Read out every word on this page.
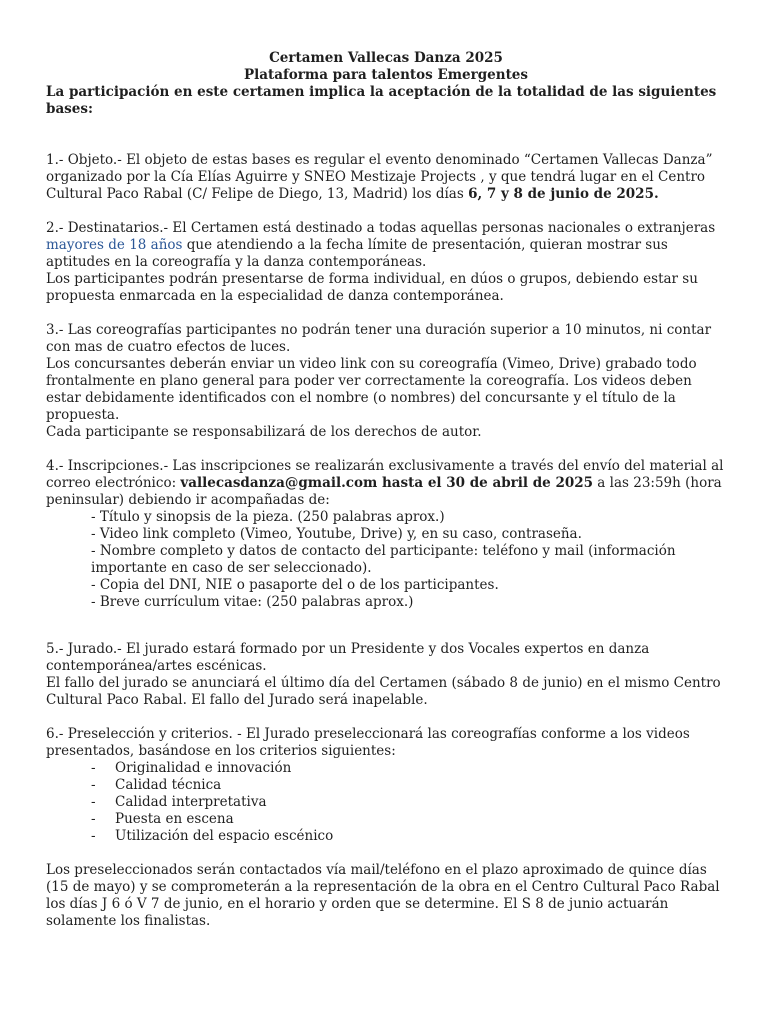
Certamen Vallecas Danza 2025

Plataforma para talentos Emergentes

La participación en este certamen implica la aceptación de la totalidad de las siguientes bases:

1.- Objeto.- El objeto de estas bases es regular el evento denominado “Certamen Vallecas Danza” organizado por la Cía Elías Aguirre y SNEO Mestizaje Projects , y que tendrá lugar en el Centro Cultural Paco Rabal (C/ Felipe de Diego, 13, Madrid) los días 6, 7 y 8 de junio de 2025.

2.- Destinatarios.- El Certamen está destinado a todas aquellas personas nacionales o extranjeras mayores de 18 años que atendiendo a la fecha límite de presentación, quieran mostrar sus aptitudes en la coreografía y la danza contemporáneas.

Los participantes podrán presentarse de forma individual, en dúos o grupos, debiendo estar su propuesta enmarcada en la especialidad de danza contemporánea.

3.- Las coreografías participantes no podrán tener una duración superior a 10 minutos, ni contar con mas de cuatro efectos de luces.

Los concursantes deberán enviar un video link con su coreografía (Vimeo, Drive) grabado todo frontalmente en plano general para poder ver correctamente la coreografía. Los videos deben estar debidamente identificados con el nombre (o nombres) del concursante y el título de la propuesta.

Cada participante se responsabilizará de los derechos de autor.

4.- Inscripciones.- Las inscripciones se realizarán exclusivamente a través del envío del material al correo electrónico: vallecasdanza@gmail.com hasta el 30 de abril de 2025 a las 23:59h (hora peninsular) debiendo ir acompañadas de:

- Título y sinopsis de la pieza. (250 palabras aprox.)
- Video link completo (Vimeo, Youtube, Drive) y, en su caso, contraseña.
- Nombre completo y datos de contacto del participante: teléfono y mail (información importante en caso de ser seleccionado).
- Copia del DNI, NIE o pasaporte del o de los participantes.
- Breve currículum vitae: (250 palabras aprox.)

5.- Jurado.- El jurado estará formado por un Presidente y dos Vocales expertos en danza contemporánea/artes escénicas.

El fallo del jurado se anunciará el último día del Certamen (sábado 8 de junio) en el mismo Centro Cultural Paco Rabal. El fallo del Jurado será inapelable.

6.- Preselección y criterios. - El Jurado preseleccionará las coreografías conforme a los videos presentados, basándose en los criterios siguientes:

- Originalidad e innovación
- Calidad técnica
- Calidad interpretativa
- Puesta en escena
- Utilización del espacio escénico

Los preseleccionados serán contactados vía mail/teléfono en el plazo aproximado de quince días (15 de mayo) y se comprometerán a la representación de la obra en el Centro Cultural Paco Rabal los días J 6 ó V 7 de junio, en el horario y orden que se determine. El S 8 de junio actuarán solamente los finalistas.
